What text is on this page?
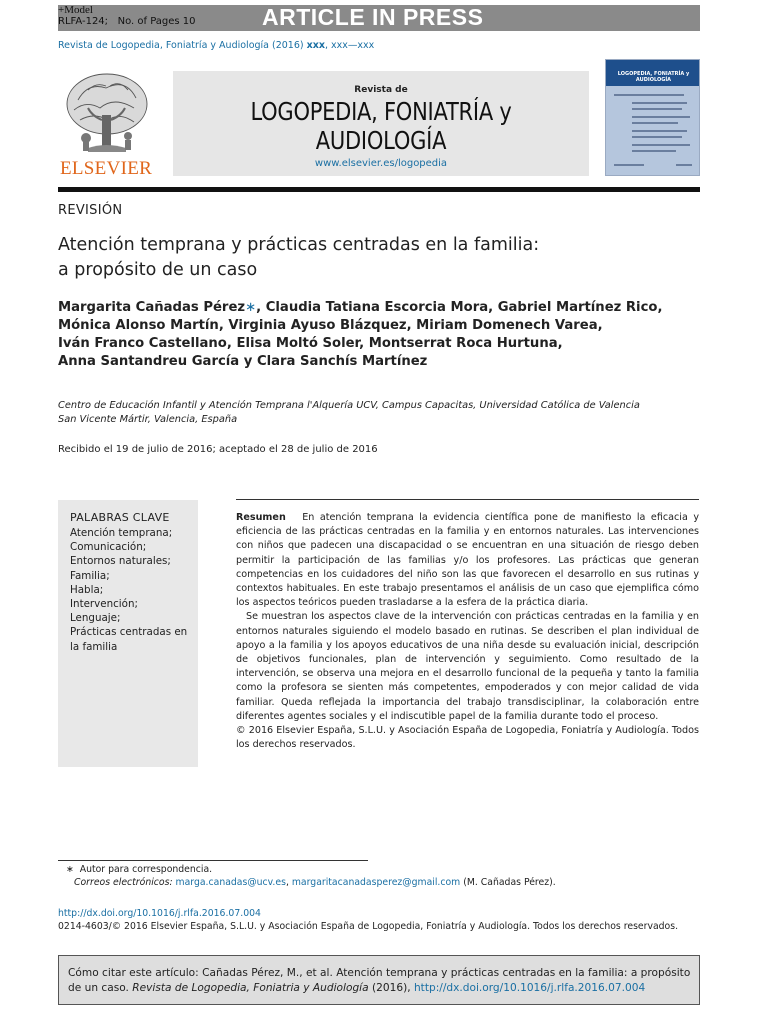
+Model
RLFA-124; No. of Pages 10	ARTICLE IN PRESS
Revista de Logopedia, Foniatría y Audiología (2016) xxx, xxx—xxx
ELSEVIER
Revista de
LOGOPEDIA, FONIATRÍA y AUDIOLOGÍA
www.elsevier.es/logopedia
LOGOPEDIA, FONIATRÍA y AUDIOLOGÍA
REVISIÓN
Atención temprana y prácticas centradas en la familia:
a propósito de un caso
Margarita Cañadas Pérez∗, Claudia Tatiana Escorcia Mora, Gabriel Martínez Rico,
Mónica Alonso Martín, Virginia Ayuso Blázquez, Miriam Domenech Varea,
Iván Franco Castellano, Elisa Moltó Soler, Montserrat Roca Hurtuna,
Anna Santandreu García y Clara Sanchís Martínez
Centro de Educación Infantil y Atención Temprana l'Alquería UCV, Campus Capacitas, Universidad Católica de Valencia
San Vicente Mártir, Valencia, España
Recibido el 19 de julio de 2016; aceptado el 28 de julio de 2016
PALABRAS CLAVE
Atención temprana;
Comunicación;
Entornos naturales;
Familia;
Habla;
Intervención;
Lenguaje;
Prácticas centradas en la familia

Resumen En atención temprana la evidencia científica pone de manifiesto la eficacia y eficiencia de las prácticas centradas en la familia y en entornos naturales. Las intervenciones con niños que padecen una discapacidad o se encuentran en una situación de riesgo deben permitir la participación de las familias y/o los profesores. Las prácticas que generan competencias en los cuidadores del niño son las que favorecen el desarrollo en sus rutinas y contextos habituales. En este trabajo presentamos el análisis de un caso que ejemplifica cómo los aspectos teóricos pueden trasladarse a la esfera de la práctica diaria.

Se muestran los aspectos clave de la intervención con prácticas centradas en la familia y en entornos naturales siguiendo el modelo basado en rutinas. Se describen el plan individual de apoyo a la familia y los apoyos educativos de una niña desde su evaluación inicial, descripción de objetivos funcionales, plan de intervención y seguimiento. Como resultado de la intervención, se observa una mejora en el desarrollo funcional de la pequeña y tanto la familia como la profesora se sienten más competentes, empoderados y con mejor calidad de vida familiar. Queda reflejada la importancia del trabajo transdisciplinar, la colaboración entre diferentes agentes sociales y el indiscutible papel de la familia durante todo el proceso.

© 2016 Elsevier España, S.L.U. y Asociación España de Logopedia, Foniatría y Audiología. Todos los derechos reservados.

∗ Autor para correspondencia.
Correos electrónicos: marga.canadas@ucv.es, margaritacanadasperez@gmail.com (M. Cañadas Pérez).
http://dx.doi.org/10.1016/j.rlfa.2016.07.004
0214-4603/© 2016 Elsevier España, S.L.U. y Asociación España de Logopedia, Foniatría y Audiología. Todos los derechos reservados.
Cómo citar este artículo: Cañadas Pérez, M., et al. Atención temprana y prácticas centradas en la familia: a propósito de un caso. Revista de Logopedia, Foniatria y Audiología (2016), http://dx.doi.org/10.1016/j.rlfa.2016.07.004
